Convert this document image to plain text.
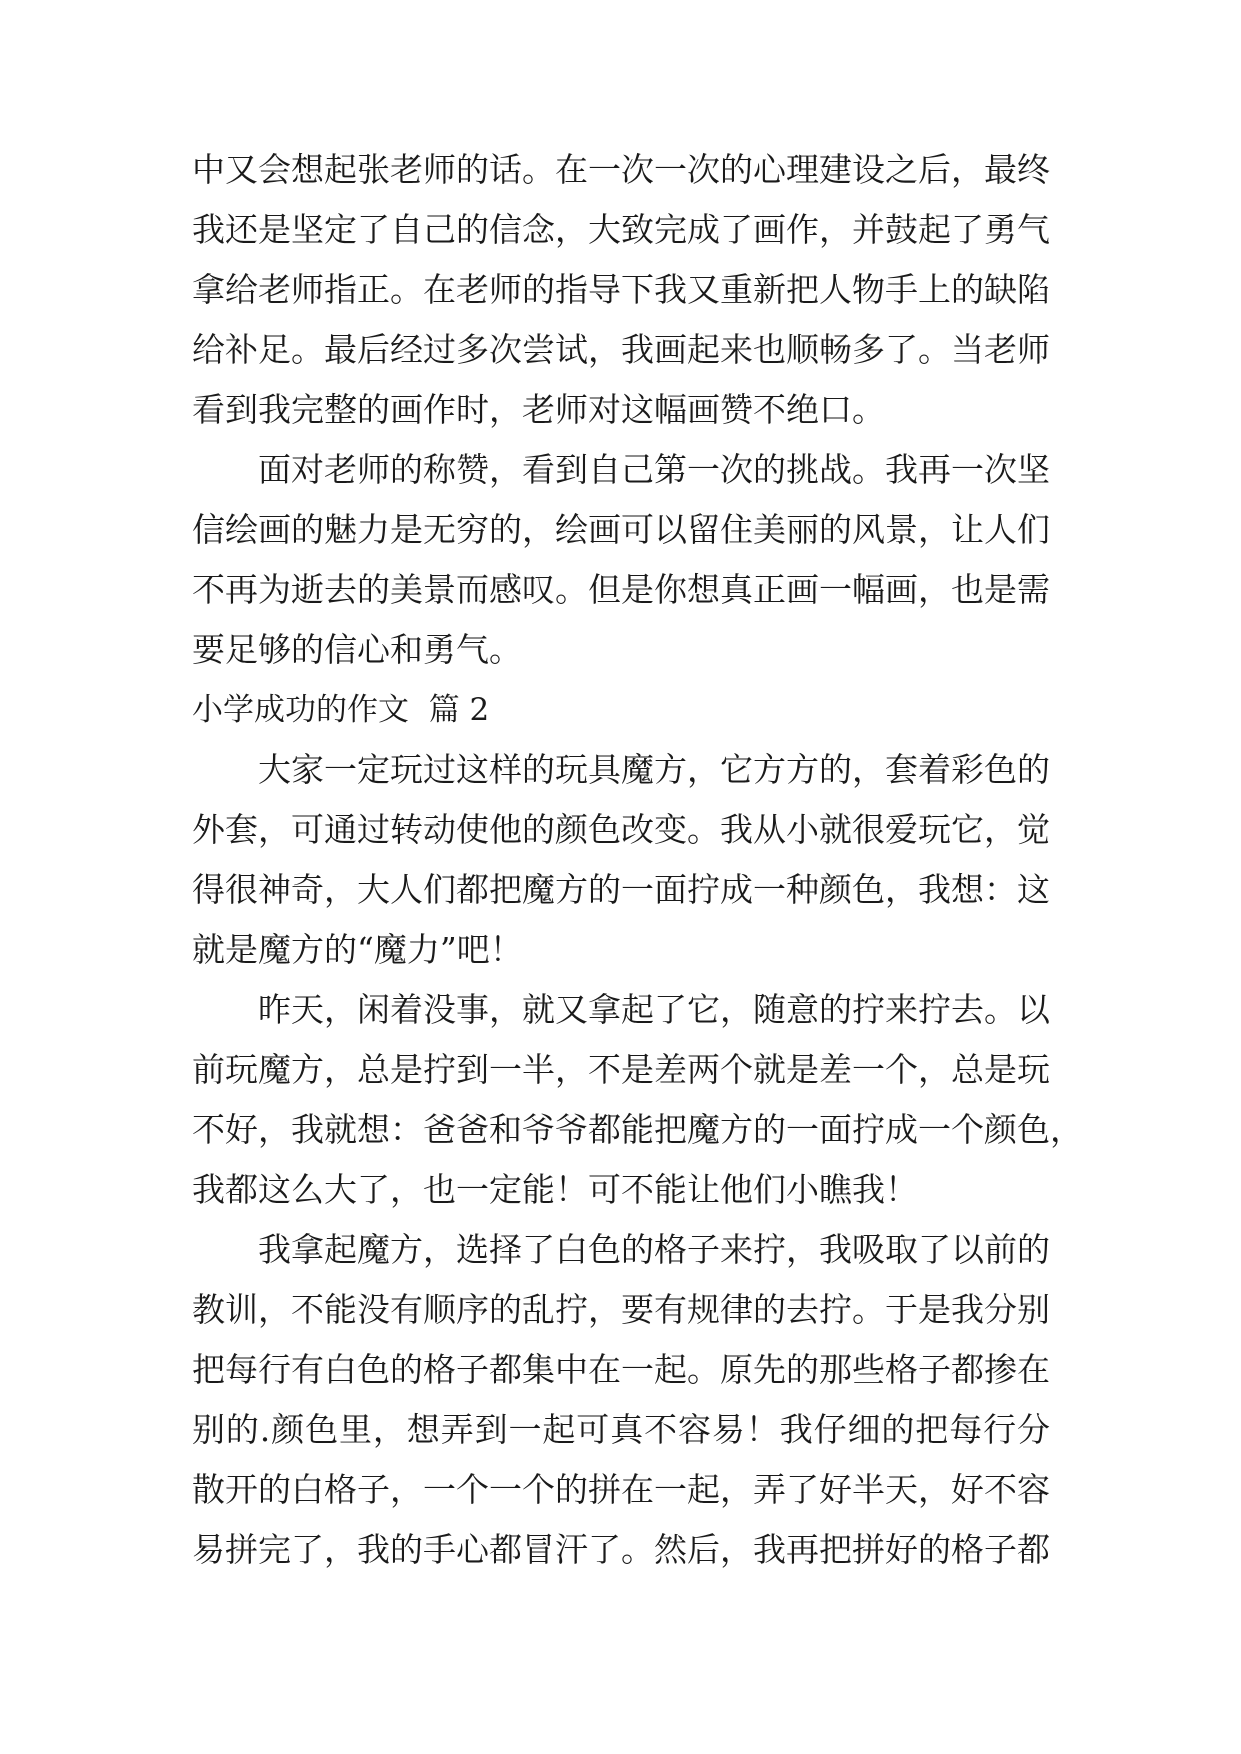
中又会想起张老师的话。在一次一次的心理建设之后，最终
我还是坚定了自己的信念，大致完成了画作，并鼓起了勇气
拿给老师指正。在老师的指导下我又重新把人物手上的缺陷
给补足。最后经过多次尝试，我画起来也顺畅多了。当老师
看到我完整的画作时，老师对这幅画赞不绝口。
面对老师的称赞，看到自己第一次的挑战。我再一次坚
信绘画的魅力是无穷的，绘画可以留住美丽的风景，让人们
不再为逝去的美景而感叹。但是你想真正画一幅画，也是需
要足够的信心和勇气。
小学成功的作文  篇 2
大家一定玩过这样的玩具魔方，它方方的，套着彩色的
外套，可通过转动使他的颜色改变。我从小就很爱玩它，觉
得很神奇，大人们都把魔方的一面拧成一种颜色，我想：这
就是魔方的“魔力”吧！
昨天，闲着没事，就又拿起了它，随意的拧来拧去。以
前玩魔方，总是拧到一半，不是差两个就是差一个，总是玩
不好，我就想：爸爸和爷爷都能把魔方的一面拧成一个颜色，
我都这么大了，也一定能！可不能让他们小瞧我！
我拿起魔方，选择了白色的格子来拧，我吸取了以前的
教训，不能没有顺序的乱拧，要有规律的去拧。于是我分别
把每行有白色的格子都集中在一起。原先的那些格子都掺在
别的.颜色里，想弄到一起可真不容易！我仔细的把每行分
散开的白格子，一个一个的拼在一起，弄了好半天，好不容
易拼完了，我的手心都冒汗了。然后，我再把拼好的格子都
